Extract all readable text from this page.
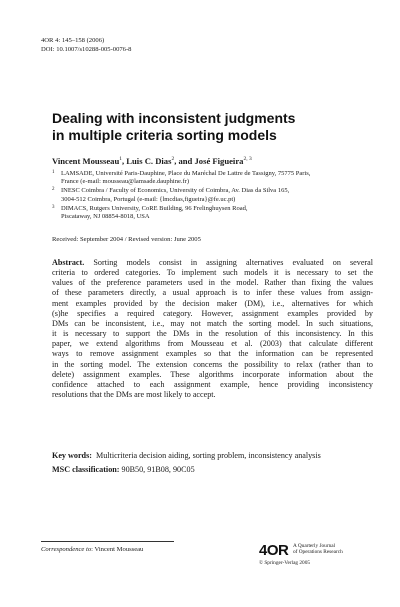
4OR 4: 145–158 (2006)
DOI: 10.1007/s10288-005-0076-8
Dealing with inconsistent judgments
in multiple criteria sorting models
Vincent Mousseau$^1$, Luis C. Dias$^2$, and José Figueira$^{2, 3}$
1 LAMSADE, Université Paris-Dauphine, Place du Maréchal De Lattre de Tassigny, 75775 Paris,
France (e-mail: mousseau@lamsade.dauphine.fr)
2 INESC Coimbra / Faculty of Economics, University of Coimbra, Av. Dias da Silva 165,
3004-512 Coimbra, Portugal (e-mail: {lmcdias,figueira}@fe.uc.pt)
3 DIMACS, Rutgers University, CoRE Building, 96 Frelinghuysen Road,
Piscataway, NJ 08854-8018, USA
Received: September 2004 / Revised version: June 2005
Abstract. Sorting models consist in assigning alternatives evaluated on several
criteria to ordered categories. To implement such models it is necessary to set the
values of the preference parameters used in the model. Rather than fixing the values
of these parameters directly, a usual approach is to infer these values from assign-
ment examples provided by the decision maker (DM), i.e., alternatives for which
(s)he specifies a required category. However, assignment examples provided by
DMs can be inconsistent, i.e., may not match the sorting model. In such situations,
it is necessary to support the DMs in the resolution of this inconsistency. In this
paper, we extend algorithms from Mousseau et al. (2003) that calculate different
ways to remove assignment examples so that the information can be represented
in the sorting model. The extension concerns the possibility to relax (rather than to
delete) assignment examples. These algorithms incorporate information about the
confidence attached to each assignment example, hence providing inconsistency
resolutions that the DMs are most likely to accept.
Key words: Multicriteria decision aiding, sorting problem, inconsistency analysis
MSC classification: 90B50, 91B08, 90C05
Correspondence to: Vincent Mousseau	4OR A Quarterly Journal
of Operations Research
© Springer-Verlag 2005
